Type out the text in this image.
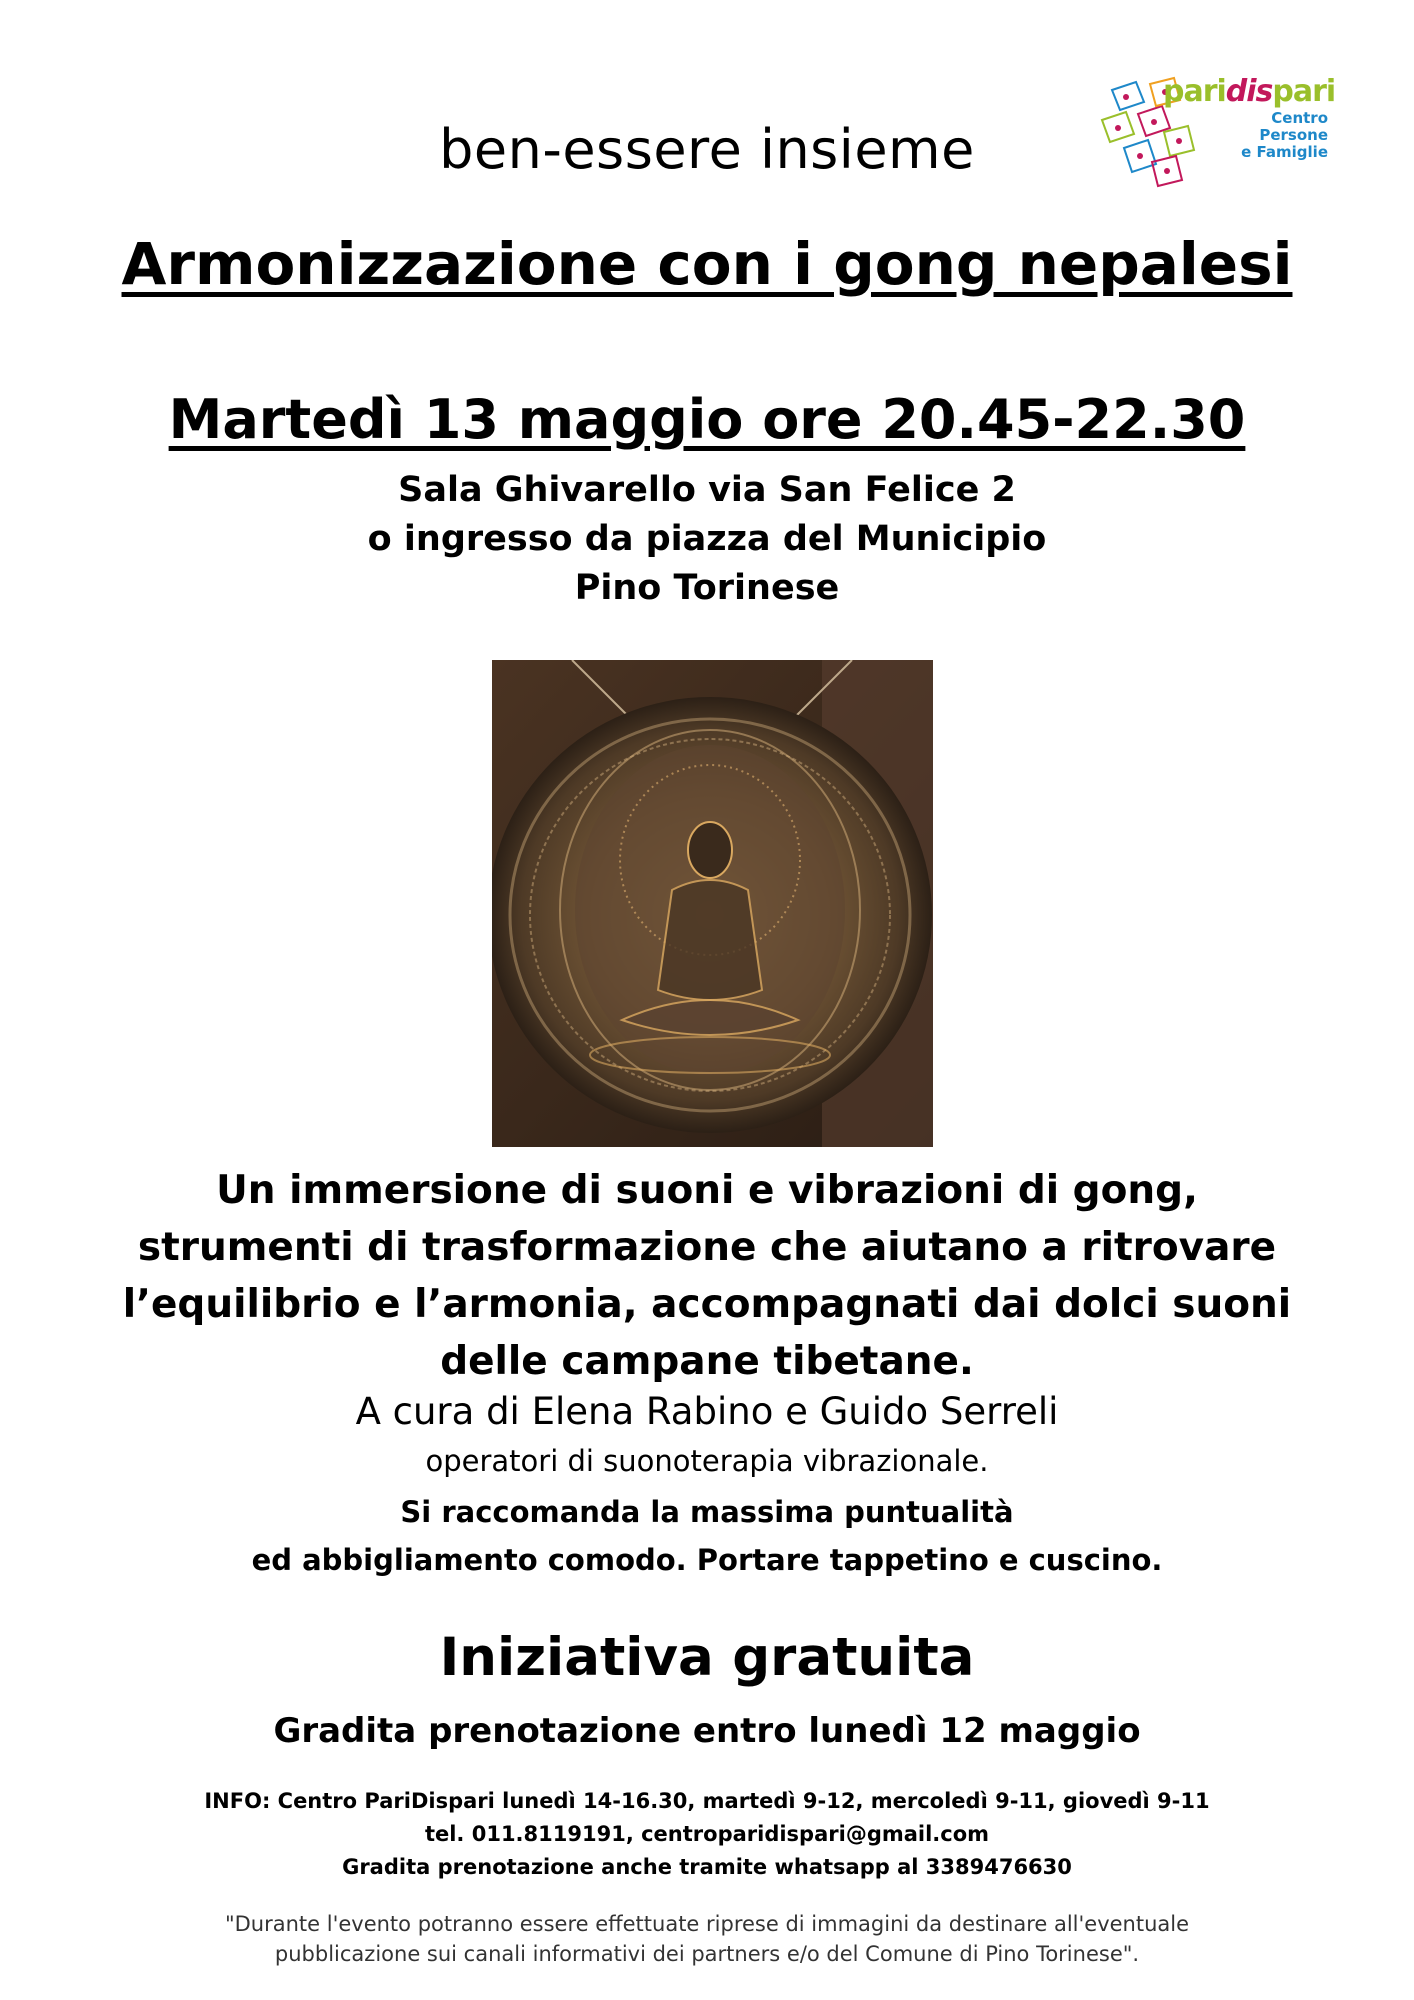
paridispari
Centro Persone
e Famiglie
ben-essere insieme
Armonizzazione con i gong nepalesi
Martedì 13 maggio ore 20.45-22.30
Sala Ghivarello via San Felice 2
o ingresso da piazza del Municipio
Pino Torinese
Un immersione di suoni e vibrazioni di gong,
strumenti di trasformazione che aiutano a ritrovare
l’equilibrio e l’armonia, accompagnati dai dolci suoni
delle campane tibetane.
A cura di Elena Rabino e Guido Serreli
operatori di suonoterapia vibrazionale.
Si raccomanda la massima puntualità
ed abbigliamento comodo. Portare tappetino e cuscino.
Iniziativa gratuita
Gradita prenotazione entro lunedì 12 maggio
INFO: Centro PariDispari lunedì 14-16.30, martedì 9-12, mercoledì 9-11, giovedì 9-11
tel. 011.8119191, centroparidispari@gmail.com
Gradita prenotazione anche tramite whatsapp al 3389476630
"Durante l'evento potranno essere effettuate riprese di immagini da destinare all'eventuale
pubblicazione sui canali informativi dei partners e/o del Comune di Pino Torinese".
